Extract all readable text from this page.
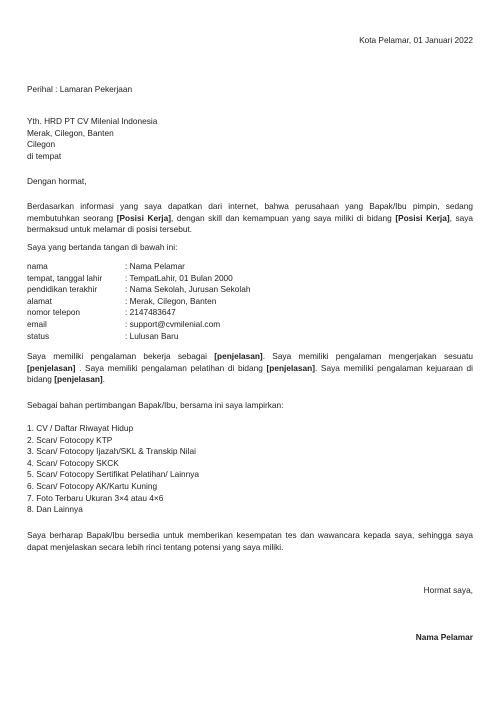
Kota Pelamar, 01 Januari 2022
Perihal : Lamaran Pekerjaan
Yth. HRD PT CV Milenial Indonesia
Merak, Cilegon, Banten
Cilegon
di tempat
Dengan hormat,
Berdasarkan informasi yang saya dapatkan dari internet, bahwa perusahaan yang Bapak/Ibu pimpin, sedang membutuhkan seorang [Posisi Kerja], dengan skill dan kemampuan yang saya miliki di bidang [Posisi Kerja], saya bermaksud untuk melamar di posisi tersebut.
Saya yang bertanda tangan di bawah ini:
nama	: Nama Pelamar
tempat, tanggal lahir	: TempatLahir, 01 Bulan 2000
pendidikan terakhir	: Nama Sekolah, Jurusan Sekolah
alamat	: Merak, Cilegon, Banten
nomor telepon	: 2147483647
email	: support@cvmilenial.com
status	: Lulusan Baru
Saya memiliki pengalaman bekerja sebagai [penjelasan]. Saya memiliki pengalaman mengerjakan sesuatu [penjelasan] . Saya memiliki pengalaman pelatihan di bidang [penjelasan]. Saya memiliki pengalaman kejuaraan di bidang [penjelasan].
Sebagai bahan pertimbangan Bapak/Ibu, bersama ini saya lampirkan:
1. CV / Daftar Riwayat Hidup
2. Scan/ Fotocopy KTP
3. Scan/ Fotocopy Ijazah/SKL & Transkip Nilai
4. Scan/ Fotocopy SKCK
5. Scan/ Fotocopy Sertifikat Pelatihan/ Lainnya
6. Scan/ Fotocopy AK/Kartu Kuning
7. Foto Terbaru Ukuran 3×4 atau 4×6
8. Dan Lainnya
Saya berharap Bapak/Ibu bersedia untuk memberikan kesempatan tes dan wawancara kepada saya, sehingga saya dapat menjelaskan secara lebih rinci tentang potensi yang saya miliki.
Hormat saya,
Nama Pelamar
